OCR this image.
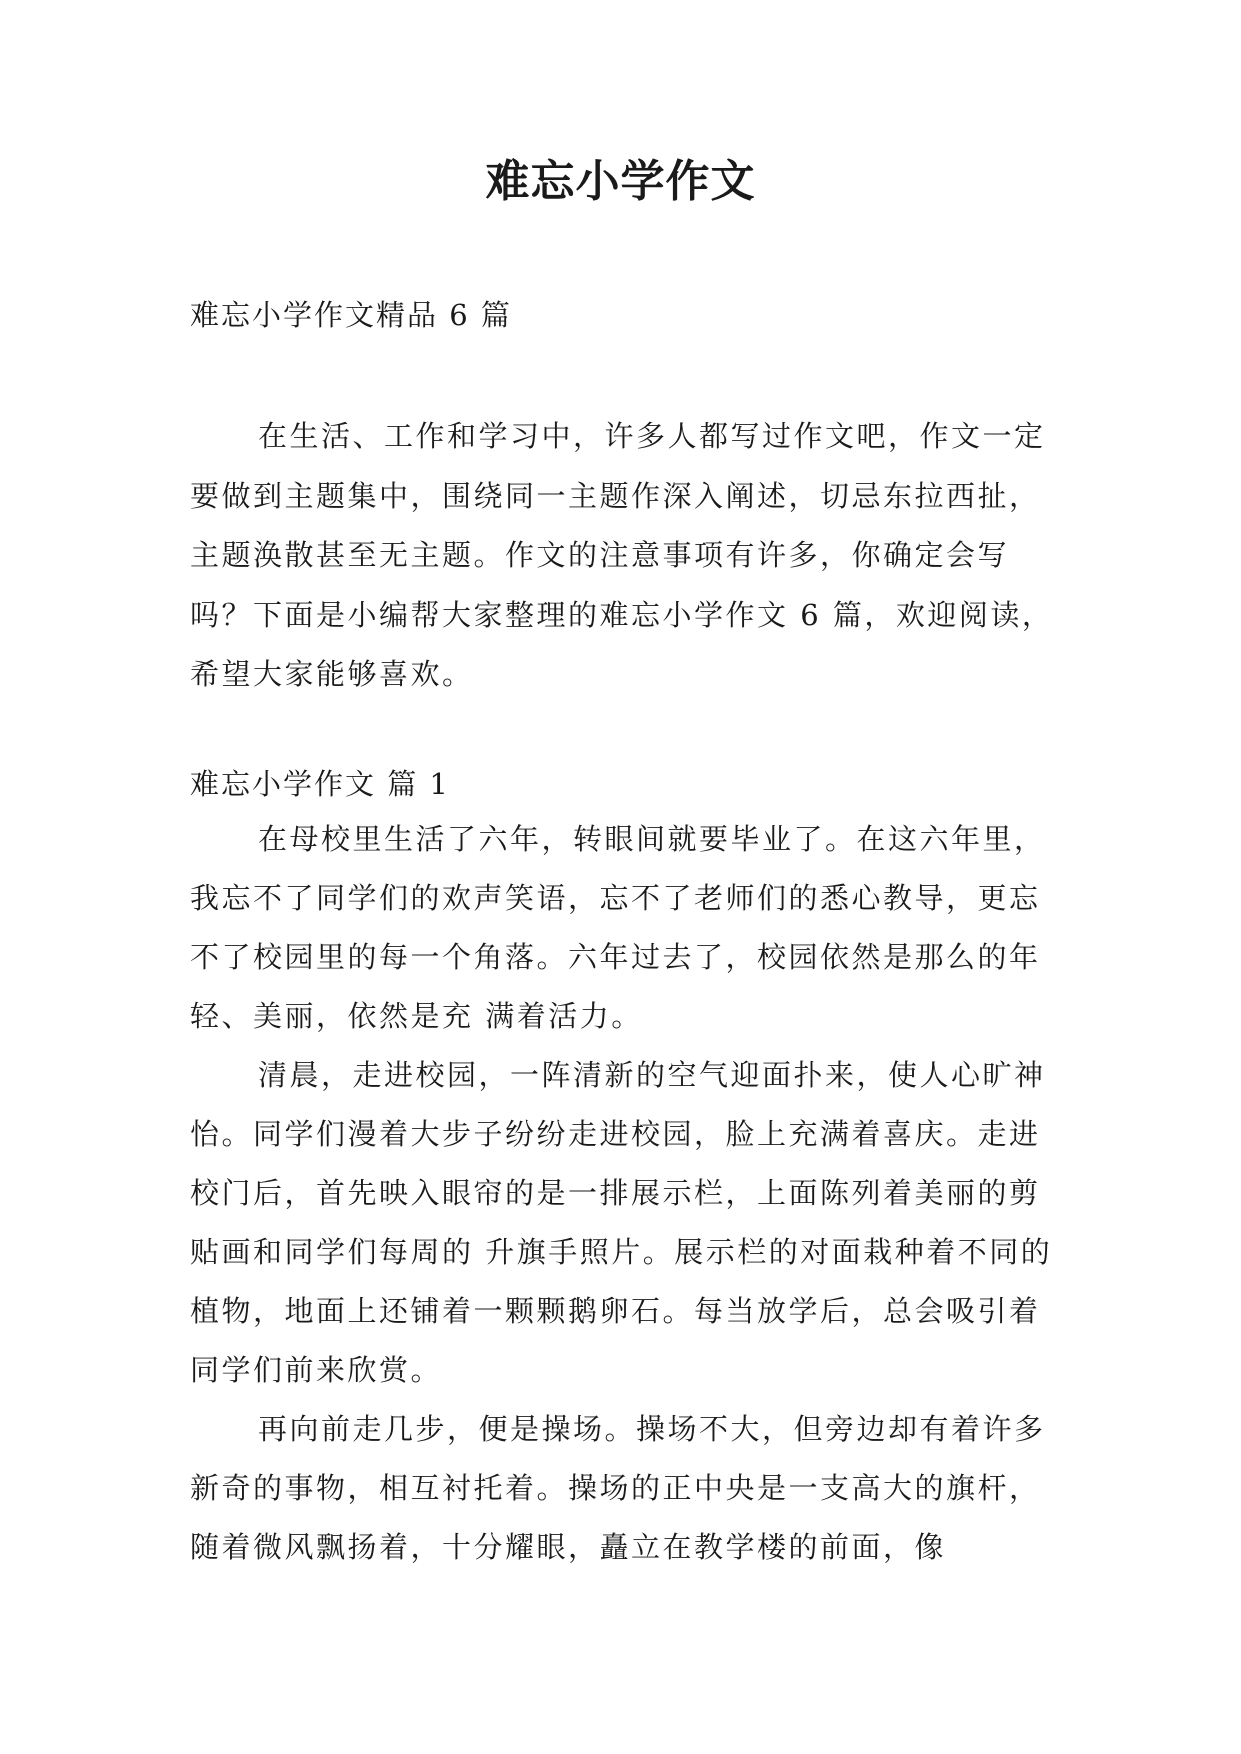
难忘小学作文
难忘小学作文精品 6 篇

在生活、工作和学习中，许多人都写过作文吧，作文一定要做到主题集中，围绕同一主题作深入阐述，切忌东拉西扯，主题涣散甚至无主题。作文的注意事项有许多，你确定会写吗？下面是小编帮大家整理的难忘小学作文 6 篇，欢迎阅读，希望大家能够喜欢。

难忘小学作文 篇 1

在母校里生活了六年，转眼间就要毕业了。在这六年里，我忘不了同学们的欢声笑语，忘不了老师们的悉心教导，更忘不了校园里的每一个角落。六年过去了，校园依然是那么的年轻、美丽，依然是充 满着活力。

清晨，走进校园，一阵清新的空气迎面扑来，使人心旷神怡。同学们漫着大步子纷纷走进校园，脸上充满着喜庆。走进校门后，首先映入眼帘的是一排展示栏，上面陈列着美丽的剪贴画和同学们每周的 升旗手照片。展示栏的对面栽种着不同的植物，地面上还铺着一颗颗鹅卵石。每当放学后，总会吸引着同学们前来欣赏。

再向前走几步，便是操场。操场不大，但旁边却有着许多新奇的事物，相互衬托着。操场的正中央是一支高大的旗杆，随着微风飘扬着，十分耀眼，矗立在教学楼的前面，像
